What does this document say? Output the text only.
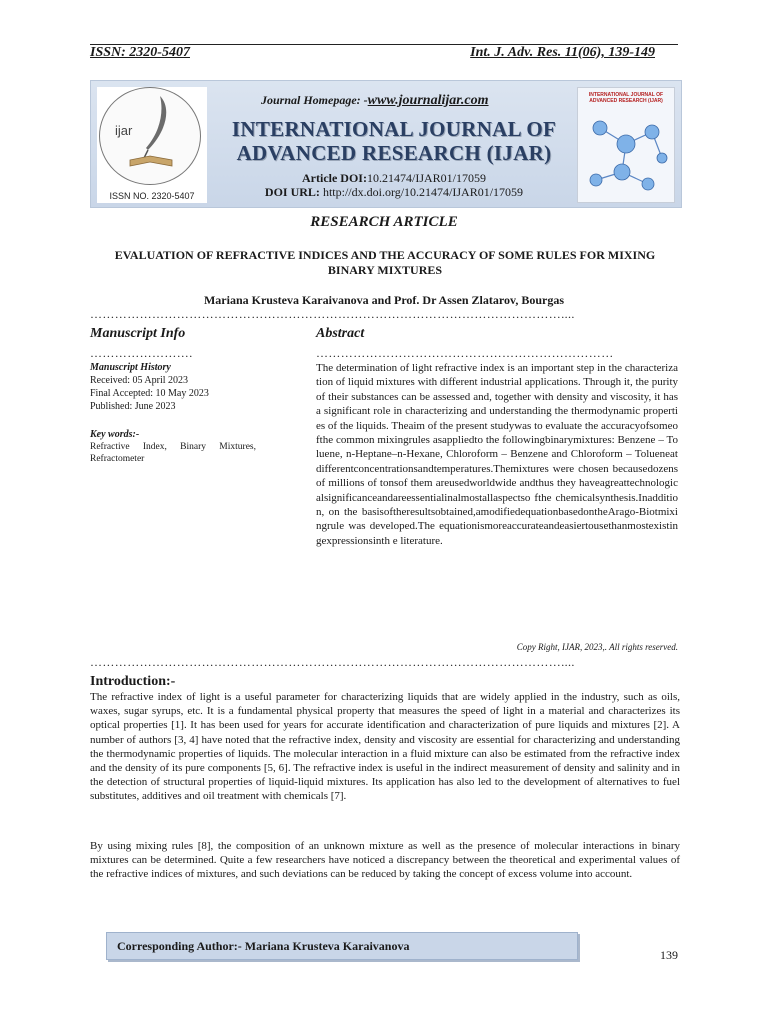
ISSN: 2320-5407	Int. J. Adv. Res. 11(06), 139-149
ijar
ISSN NO. 2320-5407
Journal Homepage: -www.journalijar.com
INTERNATIONAL JOURNAL OF ADVANCED RESEARCH (IJAR)
Article DOI:10.21474/IJAR01/17059
DOI URL: http://dx.doi.org/10.21474/IJAR01/17059
INTERNATIONAL JOURNAL OF ADVANCED RESEARCH (IJAR)
RESEARCH ARTICLE
EVALUATION OF REFRACTIVE INDICES AND THE ACCURACY OF SOME RULES FOR MIXING BINARY MIXTURES
Mariana Krusteva Karaivanova and Prof. Dr Assen Zlatarov, Bourgas
……………………………………………………………………………………………………....
Manuscript Info
…………………….
Manuscript History
Received: 05 April 2023
Final Accepted: 10 May 2023
Published: June 2023
Key words:-
Refractive Index, Binary Mixtures, Refractometer
Abstract
………………………………………………………………
The determination of light refractive index is an important step in the characterization of liquid mixtures with different industrial applications. Through it, the purity of their substances can be assessed and, together with density and viscosity, it has a significant role in characterizing and understanding the thermodynamic properties of the liquids. Theaim of the present studywas to evaluate the accuracyofsomeofthe common mixingrules asappliedto the followingbinarymixtures: Benzene – Toluene, n-Heptane–n-Hexane, Chloroform – Benzene and Chloroform – Tolueneatdifferentconcentrationsandtemperatures.Themixtures were chosen becausedozens of millions of tonsof them areusedworldwide andthus they haveagreattechnologicalsignificanceandareessentialinalmostallaspectso fthe chemicalsynthesis.Inaddition, on the basisoftheresultsobtained,amodifiedequationbasedontheArago-Biotmixingrule was developed.The equationismoreaccurateandeasiertousethanmostexistingexpressionsinth e literature.
Copy Right, IJAR, 2023,. All rights reserved.
……………………………………………………………………………………………………....
Introduction:-
The refractive index of light is a useful parameter for characterizing liquids that are widely applied in the industry, such as oils, waxes, sugar syrups, etc. It is a fundamental physical property that measures the speed of light in a material and characterizes its optical properties [1]. It has been used for years for accurate identification and characterization of pure liquids and mixtures [2]. A number of authors [3, 4] have noted that the refractive index, density and viscosity are essential for characterizing and understanding the thermodynamic properties of liquids. The molecular interaction in a fluid mixture can also be estimated from the refractive index and the density of its pure components [5, 6]. The refractive index is useful in the indirect measurement of density and salinity and in the detection of structural properties of liquid-liquid mixtures. Its application has also led to the development of alternatives to fuel substitutes, additives and oil treatment with chemicals [7].
By using mixing rules [8], the composition of an unknown mixture as well as the presence of molecular interactions in binary mixtures can be determined. Quite a few researchers have noticed a discrepancy between the theoretical and experimental values of the refractive indices of mixtures, and such deviations can be reduced by taking the concept of excess volume into account.
Corresponding Author:- Mariana Krusteva Karaivanova
139
